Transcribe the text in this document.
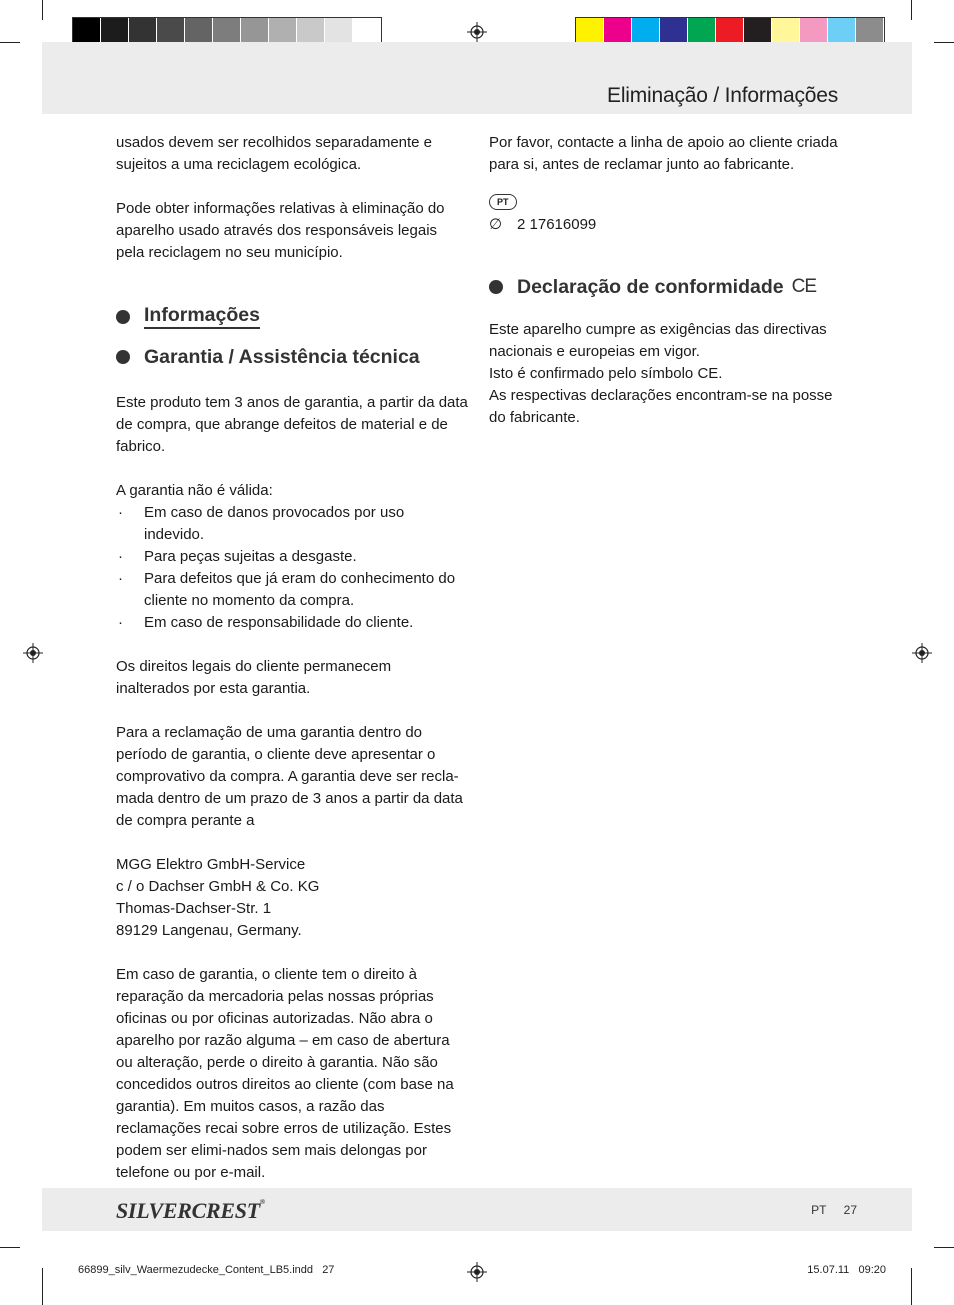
Eliminação / Informações

usados devem ser recolhidos separadamente e sujeitos a uma reciclagem ecológica.

Pode obter informações relativas à eliminação do aparelho usado através dos responsáveis legais pela reciclagem no seu município.

Informações
Garantia / Assistência técnica

Este produto tem 3 anos de garantia, a partir da data de compra, que abrange defeitos de material e de fabrico.

A garantia não é válida:

·	Em caso de danos provocados por uso indevido.
·	Para peças sujeitas a desgaste.
·	Para defeitos que já eram do conhecimento do cliente no momento da compra.
·	Em caso de responsabilidade do cliente.

Os direitos legais do cliente permanecem inalterados por esta garantia.

Para a reclamação de uma garantia dentro do período de garantia, o cliente deve apresentar o comprovativo da compra. A garantia deve ser recla-mada dentro de um prazo de 3 anos a partir da data de compra perante a

MGG Elektro GmbH-Service

c / o Dachser GmbH & Co. KG

Thomas-Dachser-Str. 1

89129 Langenau, Germany.

Em caso de garantia, o cliente tem o direito à reparação da mercadoria pelas nossas próprias oficinas ou por oficinas autorizadas. Não abra o aparelho por razão alguma – em caso de abertura ou alteração, perde o direito à garantia. Não são concedidos outros direitos ao cliente (com base na garantia). Em muitos casos, a razão das reclamações recai sobre erros de utilização. Estes podem ser elimi-nados sem mais delongas por telefone ou por e-mail.

Por favor, contacte a linha de apoio ao cliente criada para si, antes de reclamar junto ao fabricante.

PT
∅ 2 17616099
Declaração de conformidade CE

Este aparelho cumpre as exigências das directivas nacionais e europeias em vigor.

Isto é confirmado pelo símbolo CE.

As respectivas declarações encontram-se na posse do fabricante.

SILVERCREST®
PT 27
66899_silv_Waermezudecke_Content_LB5.indd   27	15.07.11   09:20
